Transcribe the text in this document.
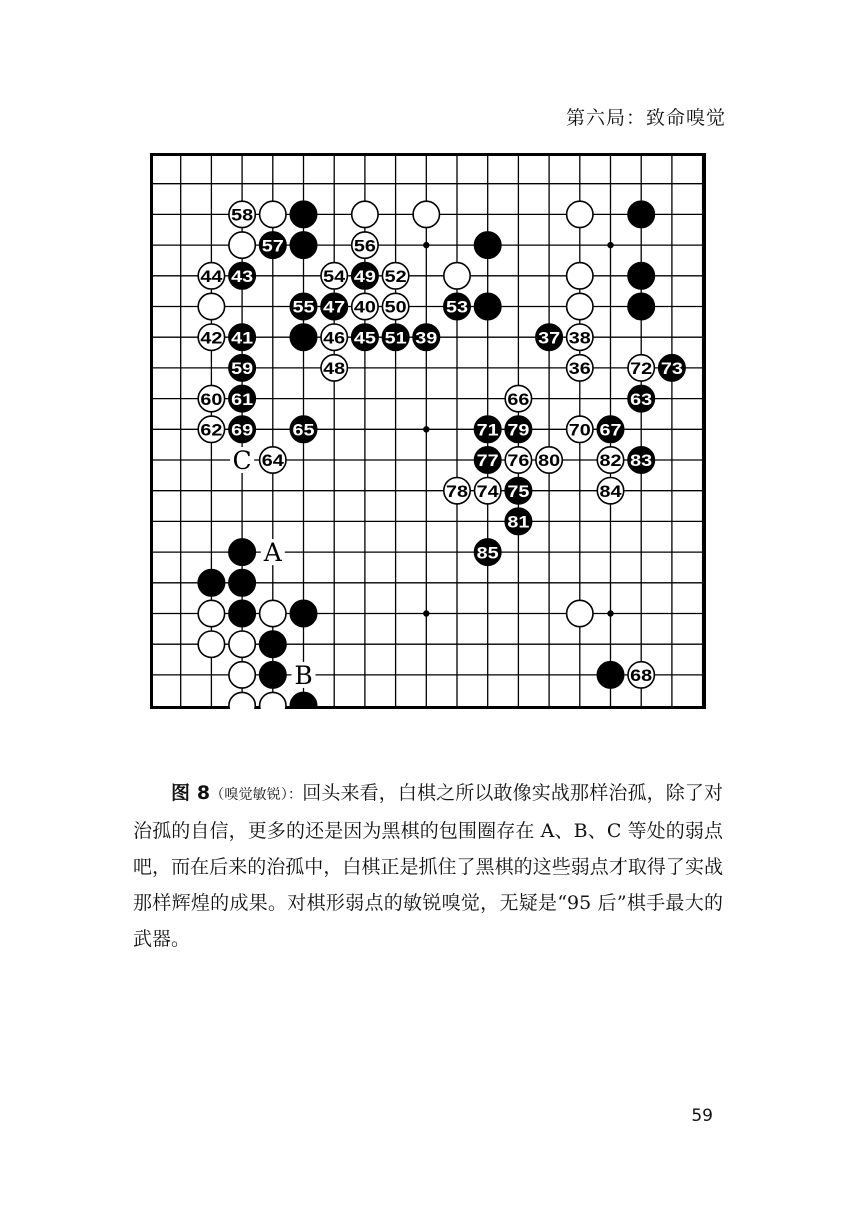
第六局：致命嗅觉
58
57	56
44 43	54 49 52
55 47 40 50 53
42 41	46 45 51 39	37 38
59	48	36 72 73
60 61	66	63
62 69 65	71 79 70 67
64	77 76 80 82 83
78 74 75	84
81
85
68
C
A
B
图 8（嗅觉敏锐）：回头来看，白棋之所以敢像实战那样治孤，除了对治孤的自信，更多的还是因为黑棋的包围圈存在 A、B、C 等处的弱点吧，而在后来的治孤中，白棋正是抓住了黑棋的这些弱点才取得了实战那样辉煌的成果。对棋形弱点的敏锐嗅觉，无疑是“95 后”棋手最大的武器。
59
